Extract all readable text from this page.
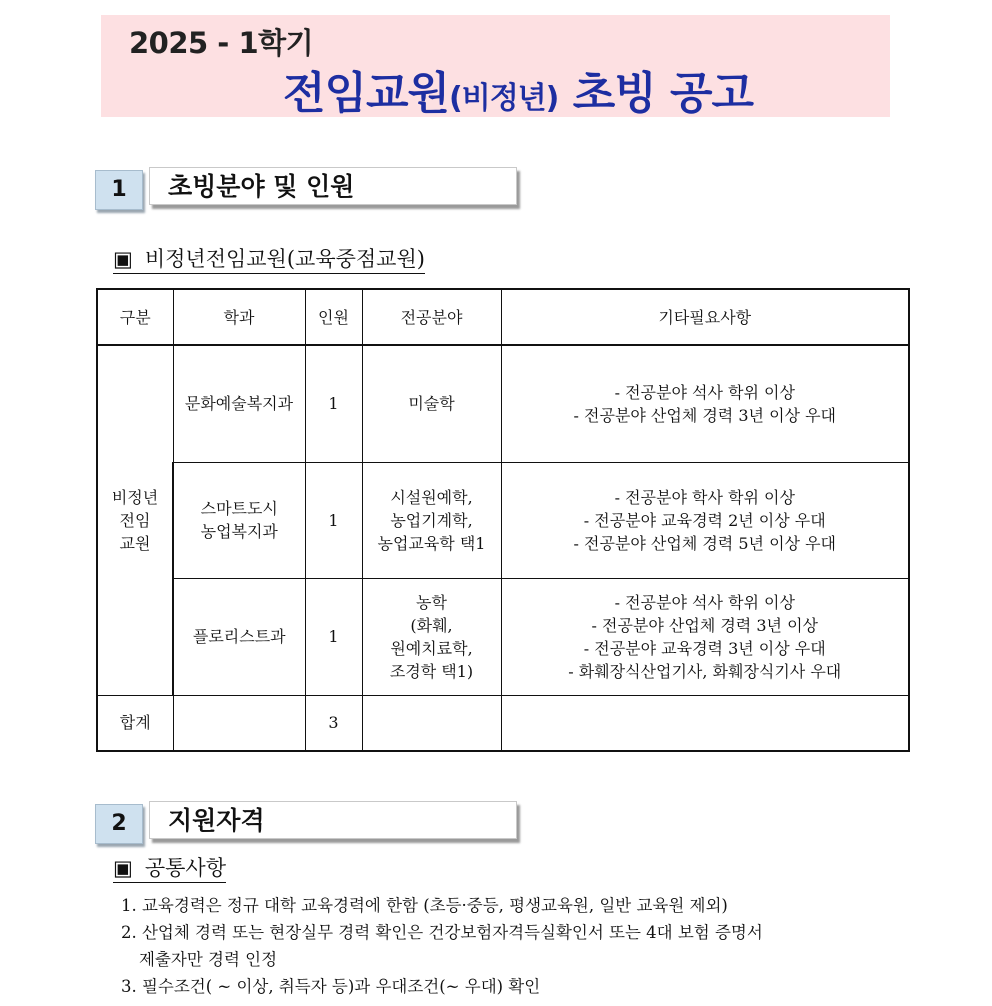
2025 - 1학기
전임교원(비정년) 초빙 공고
1	초빙분야 및 인원
▣ 비정년전임교원(교육중점교원)
구분	학과	인원	전공분야	기타필요사항

비정년
전임
교원	문화예술복지과	1	미술학	- 전공분야 석사 학위 이상
- 전공분야 산업체 경력 3년 이상 우대

	스마트도시
농업복지과	1	시설원예학,
농업기계학,
농업교육학 택1	- 전공분야 학사 학위 이상
- 전공분야 교육경력 2년 이상 우대
- 전공분야 산업체 경력 5년 이상 우대

	플로리스트과	1	농학
(화훼,
원예치료학,
조경학 택1)	- 전공분야 석사 학위 이상
- 전공분야 산업체 경력 3년 이상
- 전공분야 교육경력 3년 이상 우대
- 화훼장식산업기사, 화훼장식기사 우대

합계		3		
2	지원자격
▣ 공통사항
1. 교육경력은 정규 대학 교육경력에 한함 (초등·중등, 평생교육원, 일반 교육원 제외)
2. 산업체 경력 또는 현장실무 경력 확인은 건강보험자격득실확인서 또는 4대 보험 증명서
제출자만 경력 인정
3. 필수조건( ~ 이상, 취득자 등)과 우대조건(~ 우대) 확인
